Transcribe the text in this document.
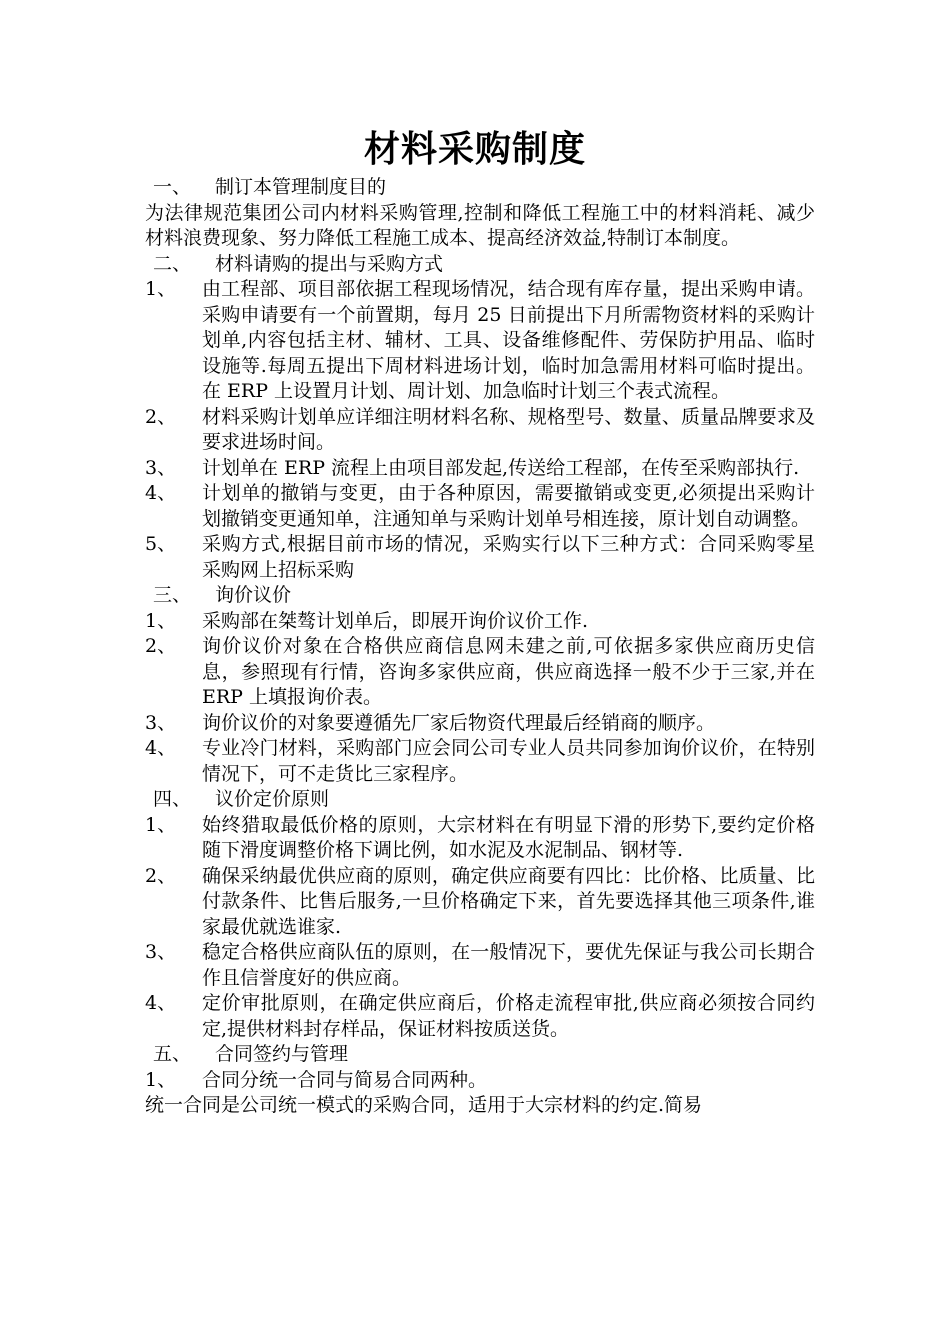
材料采购制度
一、 制订本管理制度目的
为法律规范集团公司内材料采购管理,控制和降低工程施工中的材料消耗、减少材料浪费现象、努力降低工程施工成本、提高经济效益,特制订本制度。
二、 材料请购的提出与采购方式
1、	由工程部、项目部依据工程现场情况，结合现有库存量，提出采购申请。采购申请要有一个前置期，每月 25 日前提出下月所需物资材料的采购计划单,内容包括主材、辅材、工具、设备维修配件、劳保防护用品、临时设施等.每周五提出下周材料进场计划，临时加急需用材料可临时提出。在 ERP 上设置月计划、周计划、加急临时计划三个表式流程。
2、	材料采购计划单应详细注明材料名称、规格型号、数量、质量品牌要求及要求进场时间。
3、	计划单在 ERP 流程上由项目部发起,传送给工程部，在传至采购部执行.
4、	计划单的撤销与变更，由于各种原因，需要撤销或变更,必须提出采购计划撤销变更通知单，注通知单与采购计划单号相连接，原计划自动调整。
5、	采购方式,根据目前市场的情况，采购实行以下三种方式：合同采购零星采购网上招标采购
三、 询价议价
1、	采购部在桀骜计划单后，即展开询价议价工作.
2、	询价议价对象在合格供应商信息网未建之前,可依据多家供应商历史信息，参照现有行情，咨询多家供应商，供应商选择一般不少于三家,并在 ERP 上填报询价表。
3、	询价议价的对象要遵循先厂家后物资代理最后经销商的顺序。
4、	专业冷门材料，采购部门应会同公司专业人员共同参加询价议价，在特别情况下，可不走货比三家程序。
四、 议价定价原则
1、	始终猎取最低价格的原则，大宗材料在有明显下滑的形势下,要约定价格随下滑度调整价格下调比例，如水泥及水泥制品、钢材等.
2、	确保采纳最优供应商的原则，确定供应商要有四比：比价格、比质量、比付款条件、比售后服务,一旦价格确定下来，首先要选择其他三项条件,谁家最优就选谁家.
3、	稳定合格供应商队伍的原则，在一般情况下，要优先保证与我公司长期合作且信誉度好的供应商。
4、	定价审批原则，在确定供应商后，价格走流程审批,供应商必须按合同约定,提供材料封存样品，保证材料按质送货。
五、 合同签约与管理
1、	合同分统一合同与简易合同两种。
统一合同是公司统一模式的采购合同，适用于大宗材料的约定.简易
